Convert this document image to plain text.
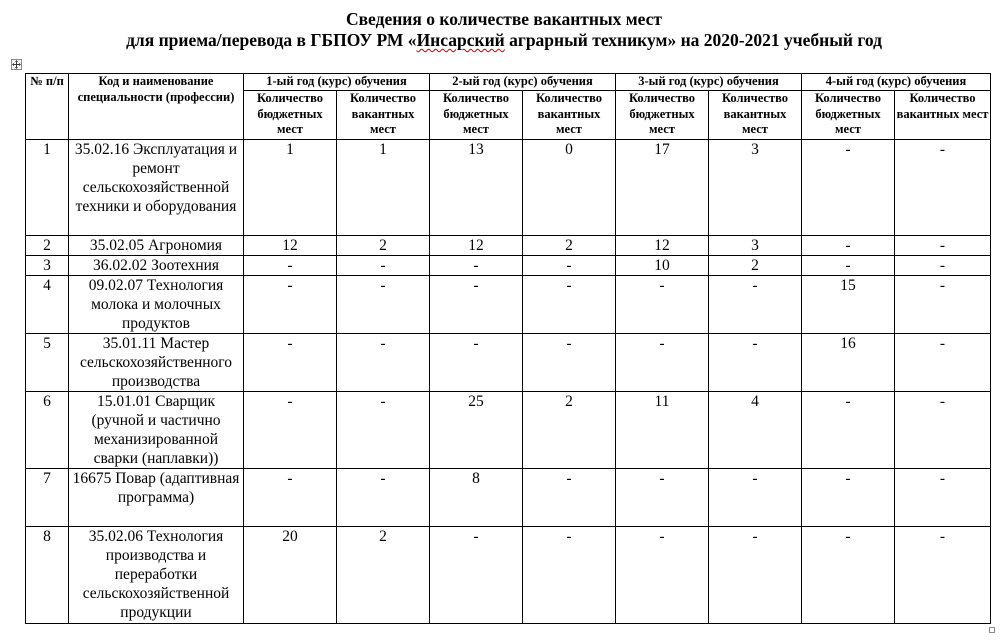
Сведения о количестве вакантных мест
для приема/перевода в ГБПОУ РМ «Инсарский аграрный техникум» на 2020-2021 учебный год
№ п/п	Код и наименование специальности (профессии)	1-ый год (курс) обучения		2-ый год (курс) обучения		3-ый год (курс) обучения		4-ый год (курс) обучения	
		Количество бюджетных мест	Количество вакантных мест	Количество бюджетных мест	Количество вакантных мест	Количество бюджетных мест	Количество вакантных мест	Количество бюджетных мест	Количество вакантных мест
1	35.02.16 Эксплуатация и ремонт сельскохозяйственной техники и оборудования	1	1	13	0	17	3	-	-
2	35.02.05 Агрономия	12	2	12	2	12	3	-	-
3	36.02.02 Зоотехния	-	-	-	-	10	2	-	-
4	09.02.07 Технология молока и молочных продуктов	-	-	-	-	-	-	15	-
5	35.01.11 Мастер сельскохозяйственного производства	-	-	-	-	-	-	16	-
6	15.01.01 Сварщик (ручной и частично механизированной сварки (наплавки))	-	-	25	2	11	4	-	-
7	16675 Повар (адаптивная программа)	-	-	8	-	-	-	-	-
8	35.02.06 Технология производства и переработки сельскохозяйственной продукции	20	2	-	-	-	-	-	-
